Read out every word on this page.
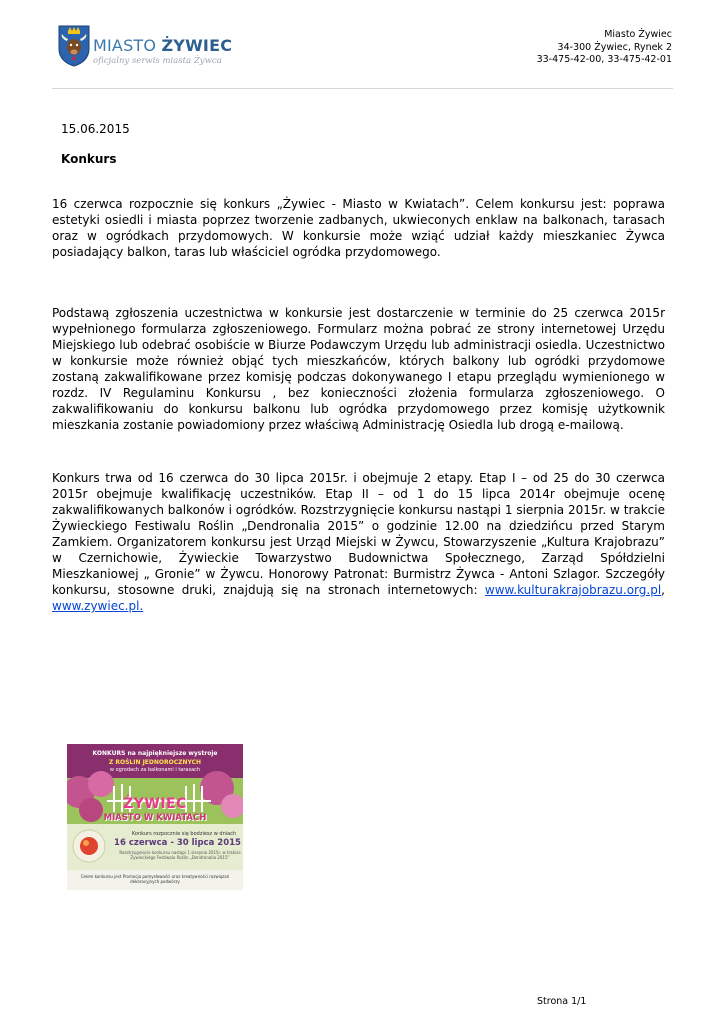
MIASTO ŻYWIEC
oficjalny serwis miasta Żywca
Miasto Żywiec
34-300 Żywiec, Rynek 2
33-475-42-00, 33-475-42-01
15.06.2015
Konkurs

16 czerwca rozpocznie się konkurs „Żywiec - Miasto w Kwiatach”. Celem konkursu jest: poprawa estetyki osiedli i miasta poprzez tworzenie zadbanych, ukwieconych enklaw na balkonach, tarasach oraz w ogródkach przydomowych. W konkursie może wziąć udział każdy mieszkaniec Żywca posiadający balkon, taras lub właściciel ogródka przydomowego.

Podstawą zgłoszenia uczestnictwa w konkursie jest dostarczenie w terminie do 25 czerwca 2015r wypełnionego formularza zgłoszeniowego. Formularz można pobrać ze strony internetowej Urzędu Miejskiego lub odebrać osobiście w Biurze Podawczym Urzędu lub administracji osiedla. Uczestnictwo w konkursie może również objąć tych mieszkańców, których balkony lub ogródki przydomowe zostaną zakwalifikowane przez komisję podczas dokonywanego I etapu przeglądu wymienionego w rozdz. IV Regulaminu Konkursu , bez konieczności złożenia formularza zgłoszeniowego. O zakwalifikowaniu do konkursu balkonu lub ogródka przydomowego przez komisję użytkownik mieszkania zostanie powiadomiony przez właściwą Administrację Osiedla lub drogą e-mailową.

Konkurs trwa od 16 czerwca do 30 lipca 2015r. i obejmuje 2 etapy. Etap I – od 25 do 30 czerwca 2015r obejmuje kwalifikację uczestników. Etap II – od 1 do 15 lipca 2014r obejmuje ocenę zakwalifikowanych balkonów i ogródków. Rozstrzygnięcie konkursu nastąpi 1 sierpnia 2015r. w trakcie Żywieckiego Festiwalu Roślin „Dendronalia 2015” o godzinie 12.00 na dziedzińcu przed Starym Zamkiem. Organizatorem konkursu jest Urząd Miejski w Żywcu, Stowarzyszenie „Kultura Krajobrazu” w Czernichowie, Żywieckie Towarzystwo Budownictwa Społecznego, Zarząd Spółdzielni Mieszkaniowej „ Gronie” w Żywcu. Honorowy Patronat: Burmistrz Żywca - Antoni Szlagor. Szczegóły konkursu, stosowne druki, znajdują się na stronach internetowych: www.kulturakrajobrazu.org.pl, www.zywiec.pl.

KONKURS na najpiękniejsze wystroje
Z ROŚLIN JEDNOROCZNYCH
w ogrodach za balkonami i tarasach
ŻYWIEC
MIASTO W KWIATACH
Konkurs rozpocznie się bodziesz w dniach
16 czerwca - 30 lipca 2015
Rozstrzygnięcie konkursu nastąpi 1 sierpnia 2015r. w trakcie Żywieckiego Festiwalu Roślin „Dendronalia 2015”
Celem konkursu jest Promocja pomysłowości oraz kreatywności rozwiązań dekoracyjnych podwórzy
Strona 1/1
